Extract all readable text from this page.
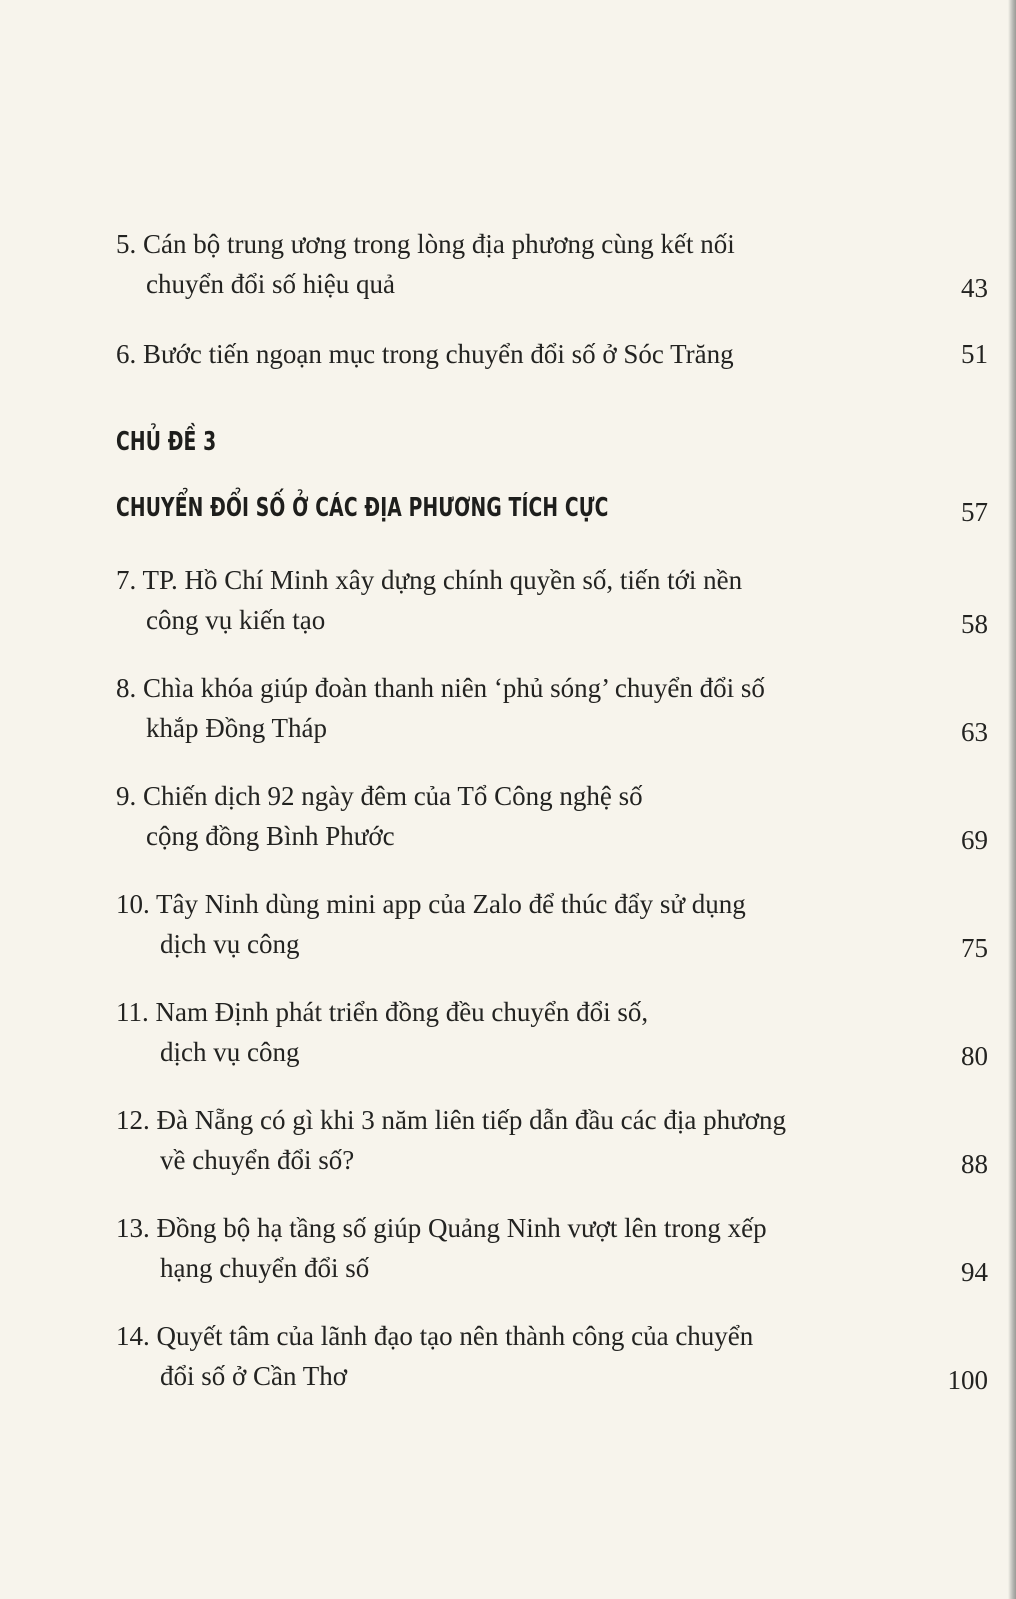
5. Cán bộ trung ương trong lòng địa phương cùng kết nối
chuyển đổi số hiệu quả	43
6. Bước tiến ngoạn mục trong chuyển đổi số ở Sóc Trăng	51
CHỦ ĐỀ 3
CHUYỂN ĐỔI SỐ Ở CÁC ĐỊA PHƯƠNG TÍCH CỰC	57
7. TP. Hồ Chí Minh xây dựng chính quyền số, tiến tới nền
công vụ kiến tạo	58
8. Chìa khóa giúp đoàn thanh niên ‘phủ sóng’ chuyển đổi số
khắp Đồng Tháp	63
9. Chiến dịch 92 ngày đêm của Tổ Công nghệ số
cộng đồng Bình Phước	69
10. Tây Ninh dùng mini app của Zalo để thúc đẩy sử dụng
dịch vụ công	75
11. Nam Định phát triển đồng đều chuyển đổi số,
dịch vụ công	80
12. Đà Nẵng có gì khi 3 năm liên tiếp dẫn đầu các địa phương
về chuyển đổi số?	88
13. Đồng bộ hạ tầng số giúp Quảng Ninh vượt lên trong xếp
hạng chuyển đổi số	94
14. Quyết tâm của lãnh đạo tạo nên thành công của chuyển
đổi số ở Cần Thơ	100
